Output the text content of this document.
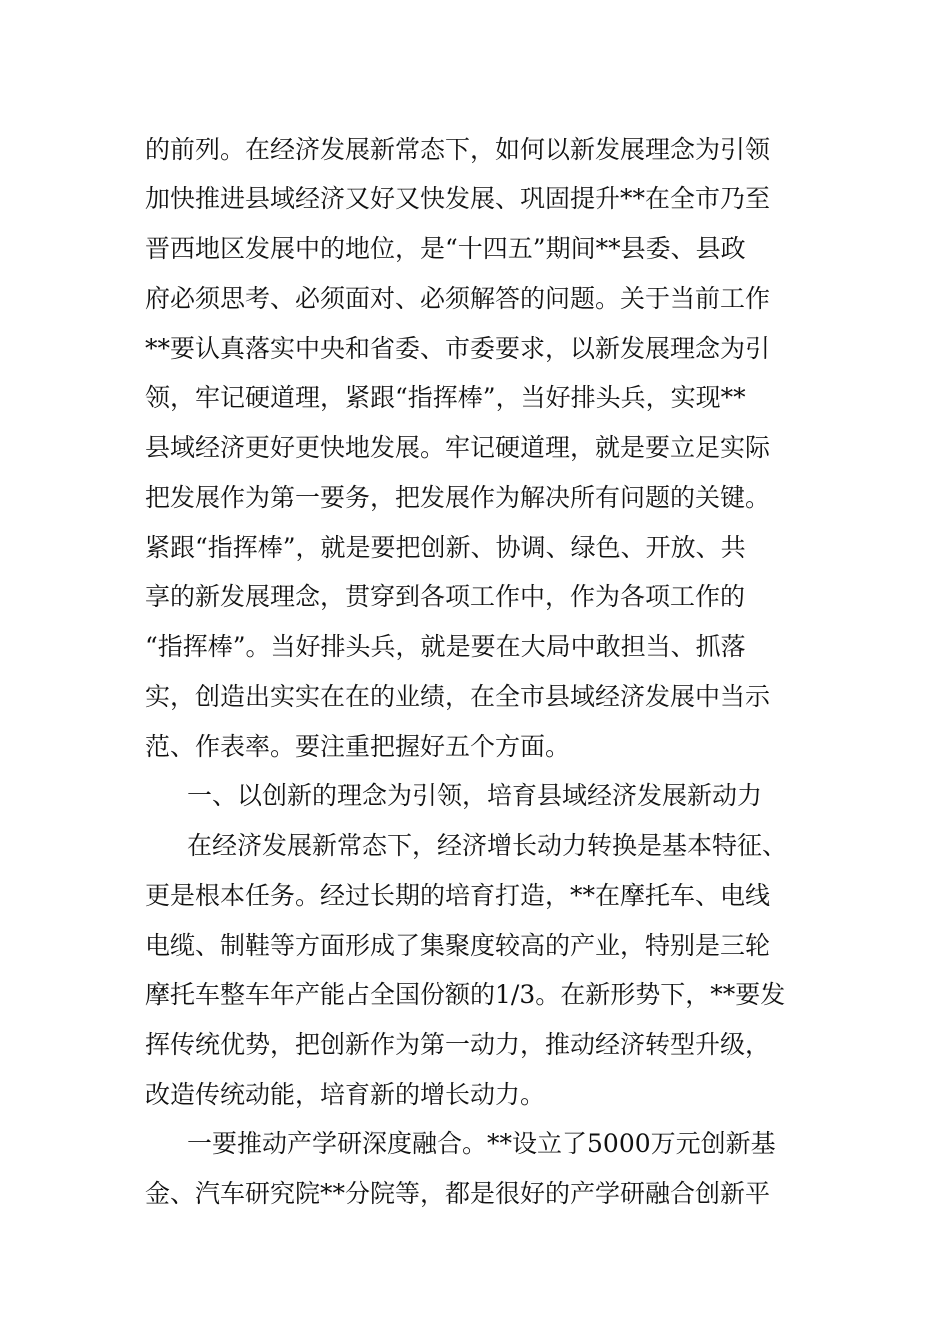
的前列。在经济发展新常态下，如何以新发展理念为引领
加快推进县域经济又好又快发展、巩固提升**在全市乃至
晋西地区发展中的地位，是“十四五”期间**县委、县政
府必须思考、必须面对、必须解答的问题。关于当前工作
**要认真落实中央和省委、市委要求，以新发展理念为引
领，牢记硬道理，紧跟“指挥棒”，当好排头兵，实现**
县域经济更好更快地发展。牢记硬道理，就是要立足实际
把发展作为第一要务，把发展作为解决所有问题的关键。
紧跟“指挥棒”，就是要把创新、协调、绿色、开放、共
享的新发展理念，贯穿到各项工作中，作为各项工作的
“指挥棒”。当好排头兵，就是要在大局中敢担当、抓落
实，创造出实实在在的业绩，在全市县域经济发展中当示
范、作表率。要注重把握好五个方面。
一、以创新的理念为引领，培育县域经济发展新动力
在经济发展新常态下，经济增长动力转换是基本特征、
更是根本任务。经过长期的培育打造，**在摩托车、电线
电缆、制鞋等方面形成了集聚度较高的产业，特别是三轮
摩托车整车年产能占全国份额的1/3。在新形势下，**要发
挥传统优势，把创新作为第一动力，推动经济转型升级，
改造传统动能，培育新的增长动力。
一要推动产学研深度融合。**设立了5000万元创新基
金、汽车研究院**分院等，都是很好的产学研融合创新平
